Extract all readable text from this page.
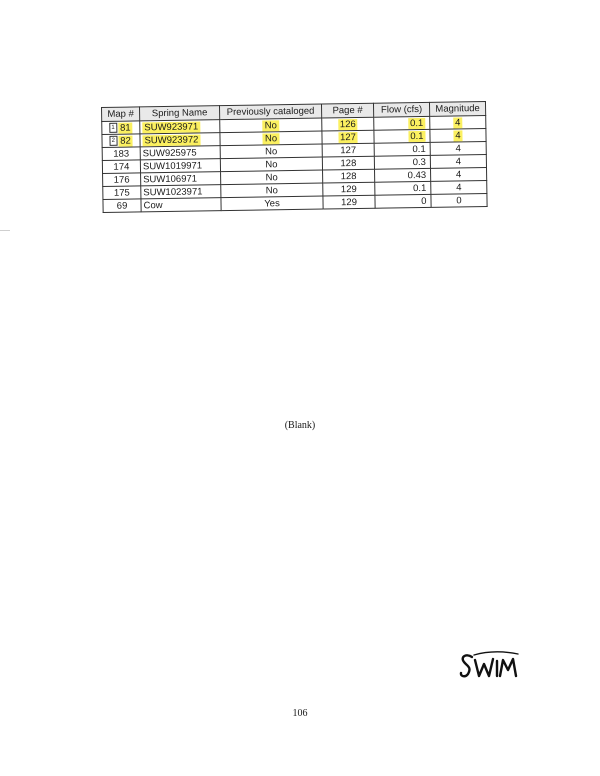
Map #	Spring Name	Previously cataloged	Page #	Flow (cfs)	Magnitude
1 81	SUW923971	No	126	0.1	4
2 82	SUW923972	No	127	0.1	4
183	SUW925975	No	127	0.1	4
174	SUW1019971	No	128	0.3	4
176	SUW106971	No	128	0.43	4
175	SUW1023971	No	129	0.1	4
69	Cow	Yes	129	0	0
(Blank)
106
